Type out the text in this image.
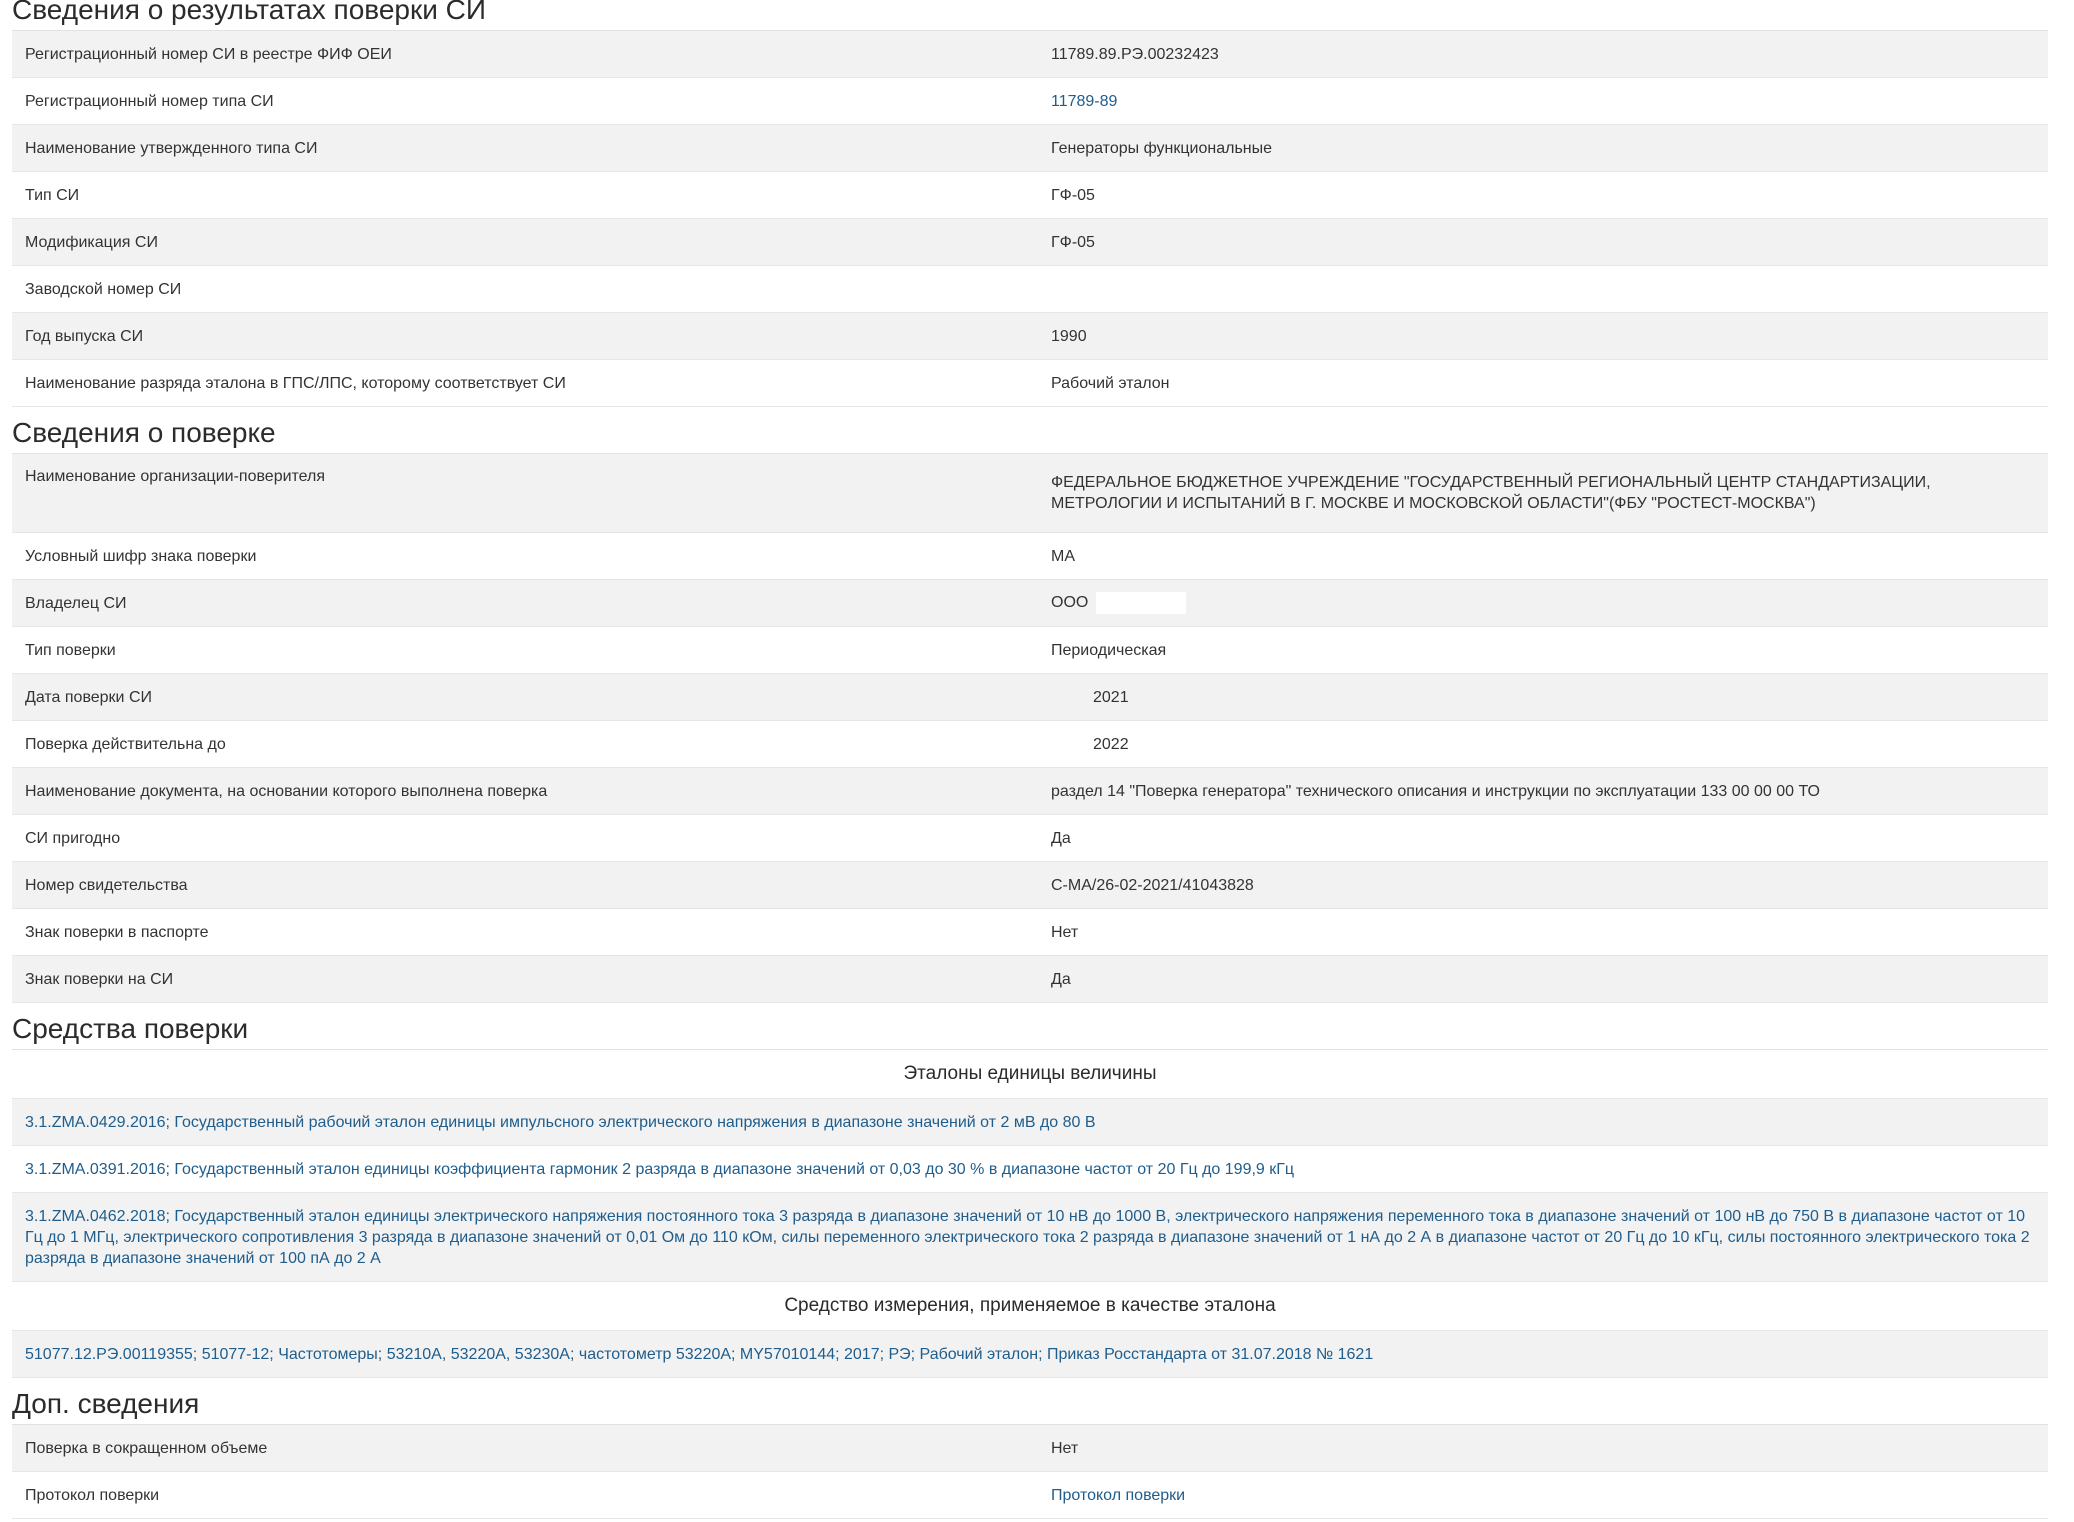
Сведения о результатах поверки СИ
Регистрационный номер СИ в реестре ФИФ ОЕИ	11789.89.РЭ.00232423
Регистрационный номер типа СИ	11789-89
Наименование утвержденного типа СИ	Генераторы функциональные
Тип СИ	ГФ-05
Модификация СИ	ГФ-05
Заводской номер СИ	
Год выпуска СИ	1990
Наименование разряда эталона в ГПС/ЛПС, которому соответствует СИ	Рабочий эталон
Сведения о поверке
Наименование организации-поверителя	ФЕДЕРАЛЬНОЕ БЮДЖЕТНОЕ УЧРЕЖДЕНИЕ "ГОСУДАРСТВЕННЫЙ РЕГИОНАЛЬНЫЙ ЦЕНТР СТАНДАРТИЗАЦИИ, МЕТРОЛОГИИ И ИСПЫТАНИЙ В Г. МОСКВЕ И МОСКОВСКОЙ ОБЛАСТИ"(ФБУ "РОСТЕСТ-МОСКВА")
Условный шифр знака поверки	МА
Владелец СИ	ООО
Тип поверки	Периодическая
Дата поверки СИ	2021
Поверка действительна до	2022
Наименование документа, на основании которого выполнена поверка	раздел 14 "Поверка генератора" технического описания и инструкции по эксплуатации 133 00 00 00 ТО
СИ пригодно	Да
Номер свидетельства	С-МА/26-02-2021/41043828
Знак поверки в паспорте	Нет
Знак поверки на СИ	Да
Средства поверки
Эталоны единицы величины
3.1.ZMA.0429.2016; Государственный рабочий эталон единицы импульсного электрического напряжения в диапазоне значений от 2 мВ до 80 В
3.1.ZMA.0391.2016; Государственный эталон единицы коэффициента гармоник 2 разряда в диапазоне значений от 0,03 до 30 % в диапазоне частот от 20 Гц до 199,9 кГц
3.1.ZMA.0462.2018; Государственный эталон единицы электрического напряжения постоянного тока 3 разряда в диапазоне значений от 10 нВ до 1000 В, электрического напряжения переменного тока в диапазоне значений от 100 нВ до 750 В в диапазоне частот от 10 Гц до 1 МГц, электрического сопротивления 3 разряда в диапазоне значений от 0,01 Ом до 110 кОм, силы переменного электрического тока 2 разряда в диапазоне значений от 1 нА до 2 А в диапазоне частот от 20 Гц до 10 кГц, силы постоянного электрического тока 2 разряда в диапазоне значений от 100 пА до 2 А
Средство измерения, применяемое в качестве эталона
51077.12.РЭ.00119355; 51077-12; Частотомеры; 53210A, 53220A, 53230A; частотометр 53220A; MY57010144; 2017; РЭ; Рабочий эталон; Приказ Росстандарта от 31.07.2018 № 1621
Доп. сведения
Поверка в сокращенном объеме	Нет
Протокол поверки	Протокол поверки
